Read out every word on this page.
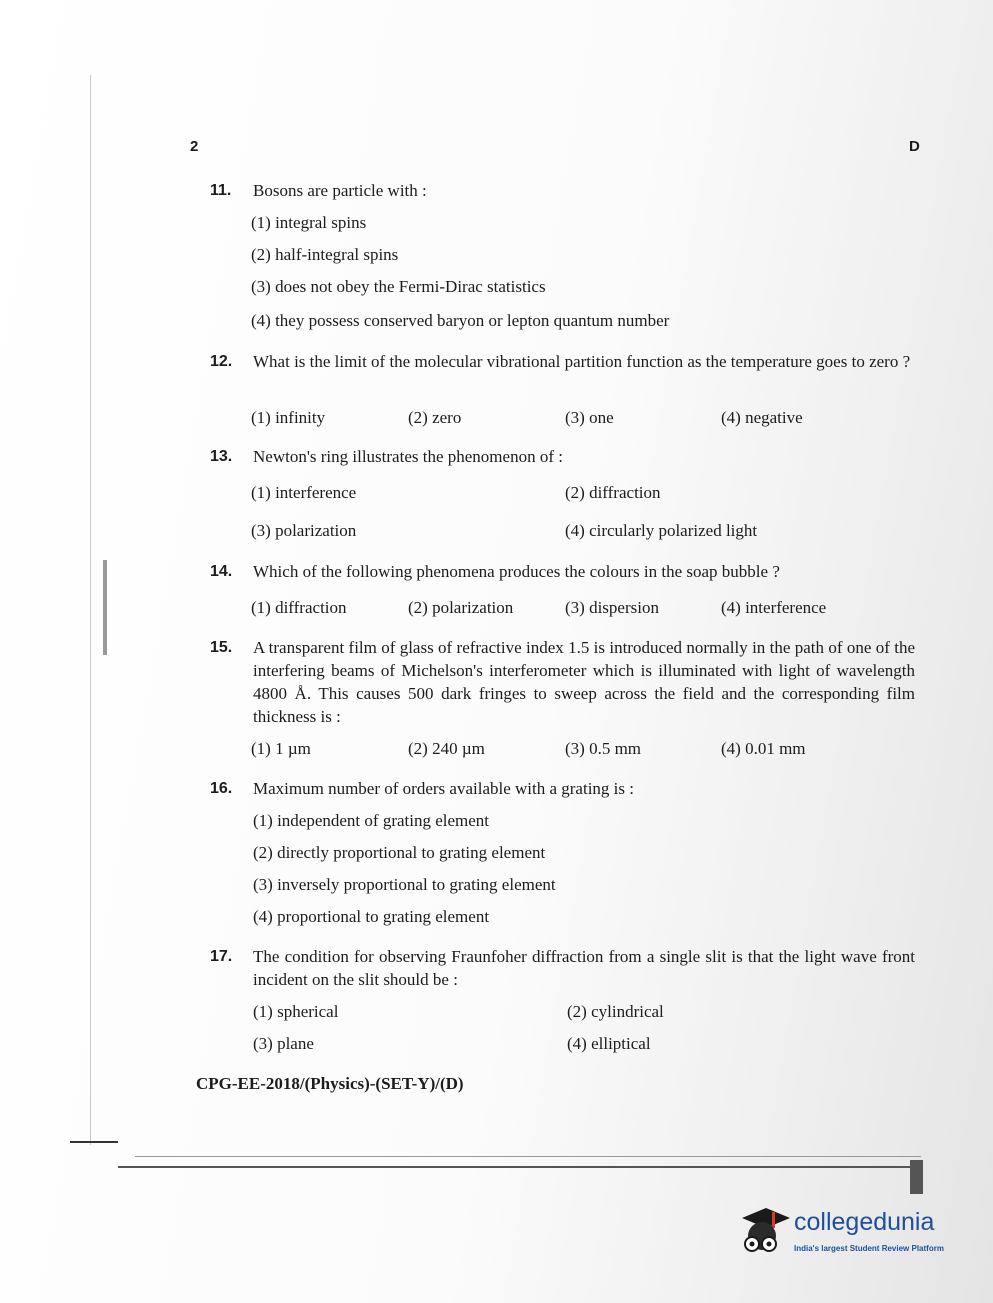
2	D
11. Bosons are particle with :
(1) integral spins
(2) half-integral spins
(3) does not obey the Fermi-Dirac statistics
(4) they possess conserved baryon or lepton quantum number
12. What is the limit of the molecular vibrational partition function as the temperature goes to zero ?
(1) infinity	(2) zero	(3) one	(4) negative
13. Newton's ring illustrates the phenomenon of :
(1) interference	(2) diffraction
(3) polarization	(4) circularly polarized light
14. Which of the following phenomena produces the colours in the soap bubble ?
(1) diffraction	(2) polarization	(3) dispersion	(4) interference
15. A transparent film of glass of refractive index 1.5 is introduced normally in the path of one of the interfering beams of Michelson's interferometer which is illuminated with light of wavelength 4800 Å. This causes 500 dark fringes to sweep across the field and the corresponding film thickness is :
(1) 1 µm	(2) 240 µm	(3) 0.5 mm	(4) 0.01 mm
16. Maximum number of orders available with a grating is :
(1) independent of grating element
(2) directly proportional to grating element
(3) inversely proportional to grating element
(4) proportional to grating element
17. The condition for observing Fraunfoher diffraction from a single slit is that the light wave front incident on the slit should be :
(1) spherical	(2) cylindrical
(3) plane	(4) elliptical
CPG-EE-2018/(Physics)-(SET-Y)/(D)
collegedunia
India's largest Student Review Platform
